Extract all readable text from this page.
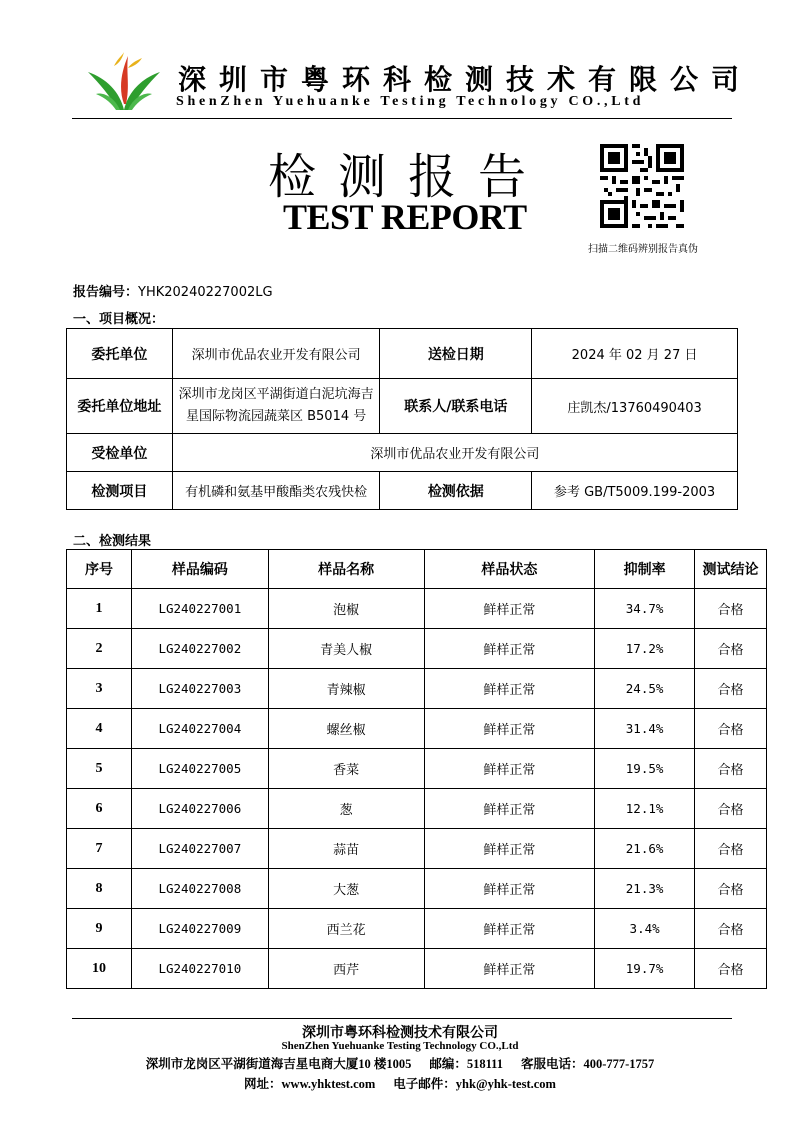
深圳市粤环科检测技术有限公司
ShenZhen Yuehuanke Testing Technology CO.,Ltd
检测报告
TEST REPORT
扫描二维码辨别报告真伪
报告编号：YHK20240227002LG
一、项目概况：
委托单位	深圳市优品农业开发有限公司	送检日期	2024 年 02 月 27 日
委托单位地址	深圳市龙岗区平湖街道白泥坑海吉
星国际物流园蔬菜区 B5014 号	联系人/联系电话	庄凯杰/13760490403
受检单位	深圳市优品农业开发有限公司		
检测项目	有机磷和氨基甲酸酯类农残快检	检测依据	参考 GB/T5009.199-2003
二、检测结果
序号	样品编码	样品名称	样品状态	抑制率	测试结论
1	LG240227001	泡椒	鲜样正常	34.7%	合格
2	LG240227002	青美人椒	鲜样正常	17.2%	合格
3	LG240227003	青辣椒	鲜样正常	24.5%	合格
4	LG240227004	螺丝椒	鲜样正常	31.4%	合格
5	LG240227005	香菜	鲜样正常	19.5%	合格
6	LG240227006	葱	鲜样正常	12.1%	合格
7	LG240227007	蒜苗	鲜样正常	21.6%	合格
8	LG240227008	大葱	鲜样正常	21.3%	合格
9	LG240227009	西兰花	鲜样正常	3.4%	合格
10	LG240227010	西芹	鲜样正常	19.7%	合格
深圳市粤环科检测技术有限公司
ShenZhen Yuehuanke Testing Technology CO.,Ltd
深圳市龙岗区平湖街道海吉星电商大厦10 楼1005 邮编：518111 客服电话：400-777-1757
网址：www.yhktest.com 电子邮件：yhk@yhk-test.com
